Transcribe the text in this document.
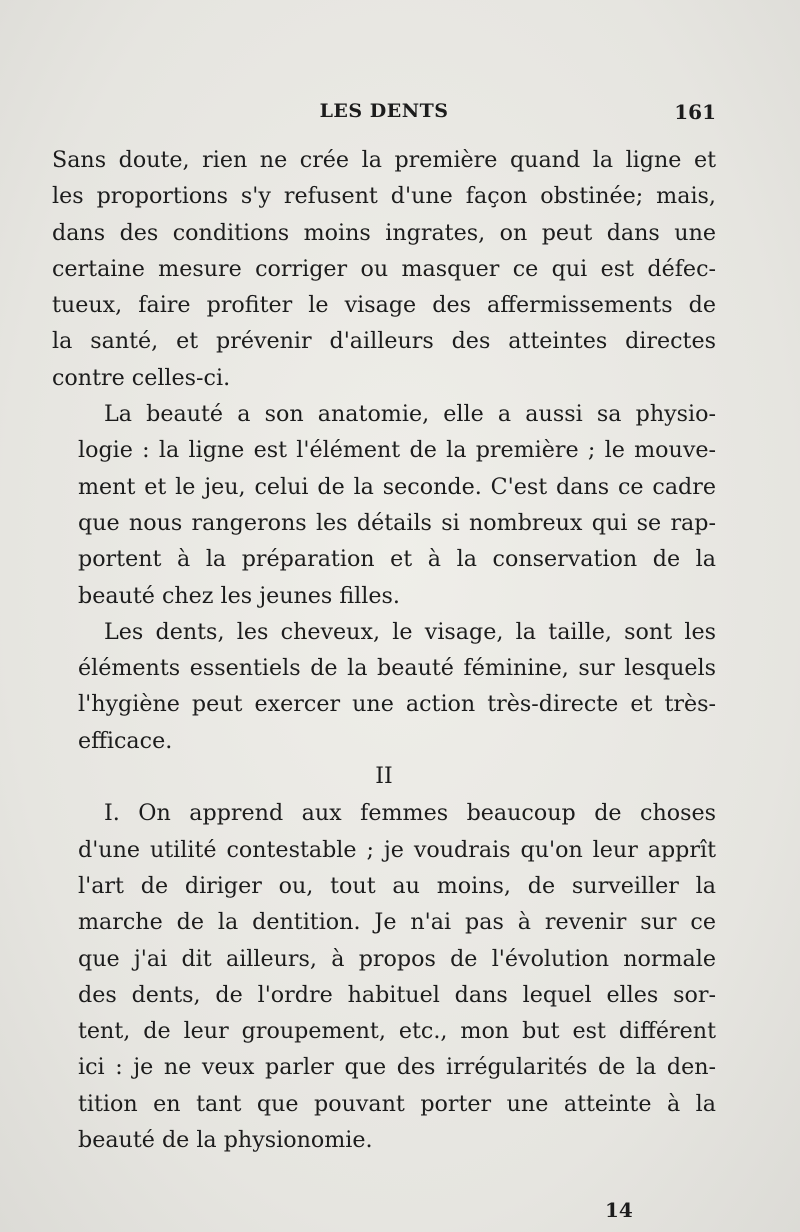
LES DENTS	161
Sans doute, rien ne crée la première quand la ligne et
les proportions s'y refusent d'une façon obstinée; mais,
dans des conditions moins ingrates, on peut dans une
certaine mesure corriger ou masquer ce qui est défec-
tueux, faire profiter le visage des affermissements de
la santé, et prévenir d'ailleurs des atteintes directes
contre celles-ci.
La beauté a son anatomie, elle a aussi sa physio-
logie : la ligne est l'élément de la première ; le mouve-
ment et le jeu, celui de la seconde. C'est dans ce cadre
que nous rangerons les détails si nombreux qui se rap-
portent à la préparation et à la conservation de la
beauté chez les jeunes filles.
Les dents, les cheveux, le visage, la taille, sont les
éléments essentiels de la beauté féminine, sur lesquels
l'hygiène peut exercer une action très-directe et très-
efficace.
II
I. On apprend aux femmes beaucoup de choses
d'une utilité contestable ; je voudrais qu'on leur apprît
l'art de diriger ou, tout au moins, de surveiller la
marche de la dentition. Je n'ai pas à revenir sur ce
que j'ai dit ailleurs, à propos de l'évolution normale
des dents, de l'ordre habituel dans lequel elles sor-
tent, de leur groupement, etc., mon but est différent
ici : je ne veux parler que des irrégularités de la den-
tition en tant que pouvant porter une atteinte à la
beauté de la physionomie.
14
